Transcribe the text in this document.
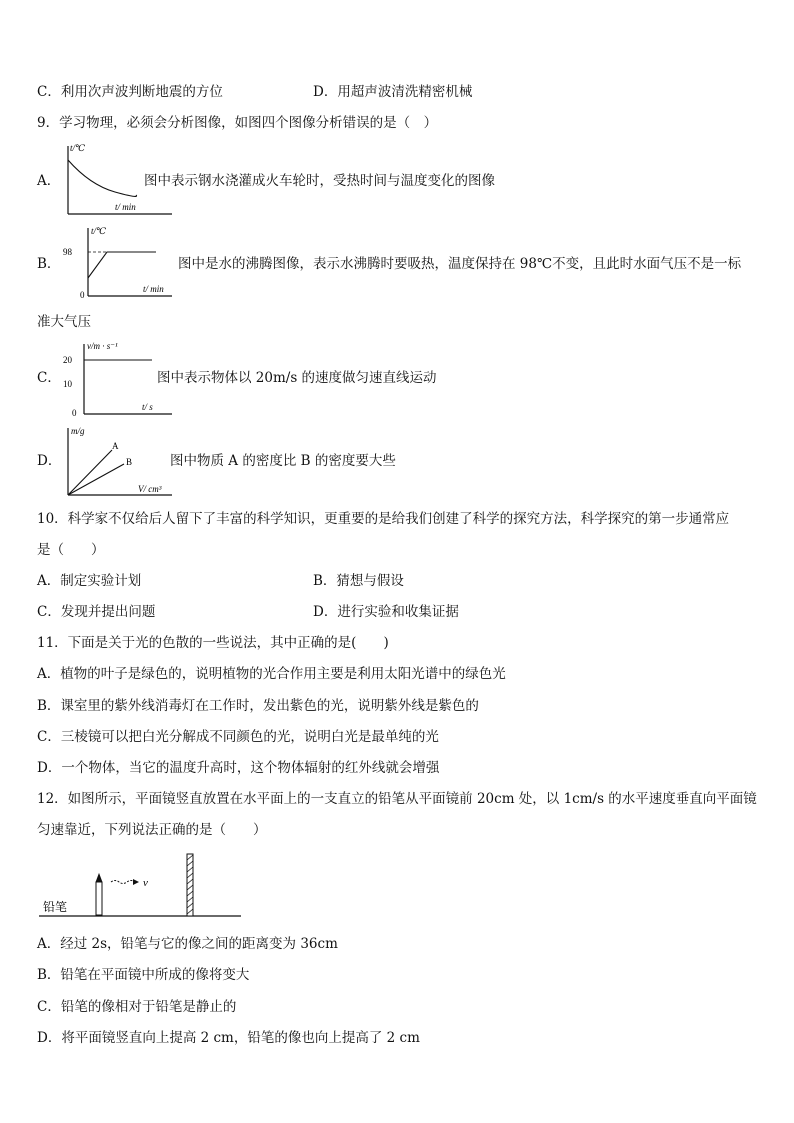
C．利用次声波判断地震的方位	D．用超声波清洗精密机械
9．学习物理，必须会分析图像，如图四个图像分析错误的是（　）
A．
t/℃
t/ min
图中表示钢水浇灌成火车轮时，受热时间与温度变化的图像
B．
t/℃
98
0
t/ min
图中是水的沸腾图像，表示水沸腾时要吸热，温度保持在 98℃不变，且此时水面气压不是一标
准大气压
C．
v/m · s⁻¹
20
10
0
t/ s
图中表示物体以 20m/s 的速度做匀速直线运动
D．
m/g
A
B
V/ cm³
图中物质 A 的密度比 B 的密度要大些
10．科学家不仅给后人留下了丰富的科学知识，更重要的是给我们创建了科学的探究方法，科学探究的第一步通常应
是（　　）
A．制定实验计划	B．猜想与假设
C．发现并提出问题	D．进行实验和收集证据
11．下面是关于光的色散的一些说法，其中正确的是(　　)
A．植物的叶子是绿色的，说明植物的光合作用主要是利用太阳光谱中的绿色光
B．课室里的紫外线消毒灯在工作时，发出紫色的光，说明紫外线是紫色的
C．三棱镜可以把白光分解成不同颜色的光，说明白光是最单纯的光
D．一个物体，当它的温度升高时，这个物体辐射的红外线就会增强
12．如图所示，平面镜竖直放置在水平面上的一支直立的铅笔从平面镜前 20cm 处，以 1cm/s 的水平速度垂直向平面镜
匀速靠近，下列说法正确的是（　　）
铅笔
v
A．经过 2s，铅笔与它的像之间的距离变为 36cm
B．铅笔在平面镜中所成的像将变大
C．铅笔的像相对于铅笔是静止的
D．将平面镜竖直向上提高 2 cm，铅笔的像也向上提高了 2 cm
